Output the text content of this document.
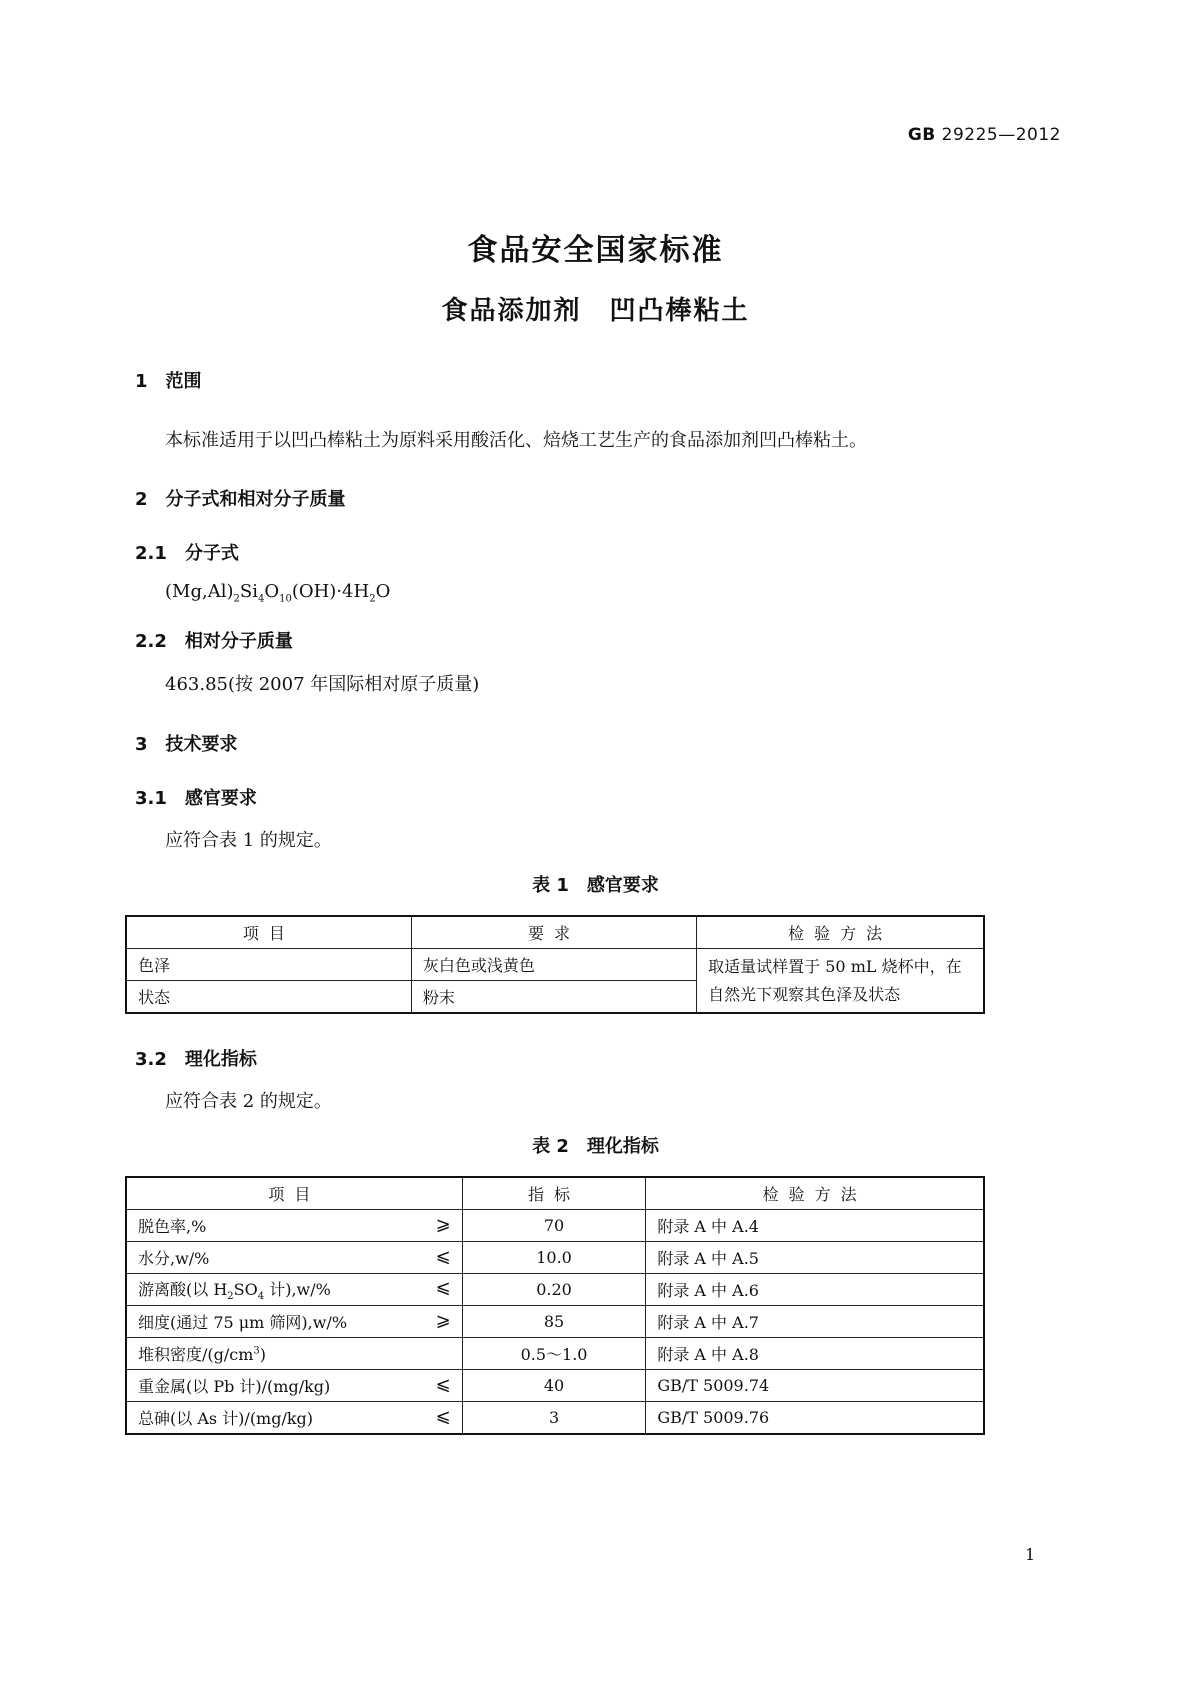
GB 29225—2012
食品安全国家标准
食品添加剂　凹凸棒粘土
1　范围
本标准适用于以凹凸棒粘土为原料采用酸活化、焙烧工艺生产的食品添加剂凹凸棒粘土。
2　分子式和相对分子质量
2.1　分子式
$(Mg,Al)_2Si_4O_{10}(OH)\cdot 4H_2O$
2.2　相对分子质量
463.85(按 2007 年国际相对原子质量)
3　技术要求
3.1　感官要求
应符合表 1 的规定。
表 1　感官要求
项目	要求	检验方法
色泽	灰白色或浅黄色	取适量试样置于 50 mL 烧杯中，在自然光下观察其色泽及状态
状态	粉末	
3.2　理化指标
应符合表 2 的规定。
表 2　理化指标
项目	指标	检验方法
脱色率,% ⩾	70	附录 A 中 A.4
水分,w/% ⩽	10.0	附录 A 中 A.5
游离酸(以 $H_2SO_4$ 计),w/% ⩽	0.20	附录 A 中 A.6
细度(通过 75 μm 筛网),w/% ⩾	85	附录 A 中 A.7
堆积密度$/(g/cm^3)$	0.5～1.0	附录 A 中 A.8
重金属(以 Pb 计)/(mg/kg) ⩽	40	GB/T 5009.74
总砷(以 As 计)/(mg/kg) ⩽	3	GB/T 5009.76
1
